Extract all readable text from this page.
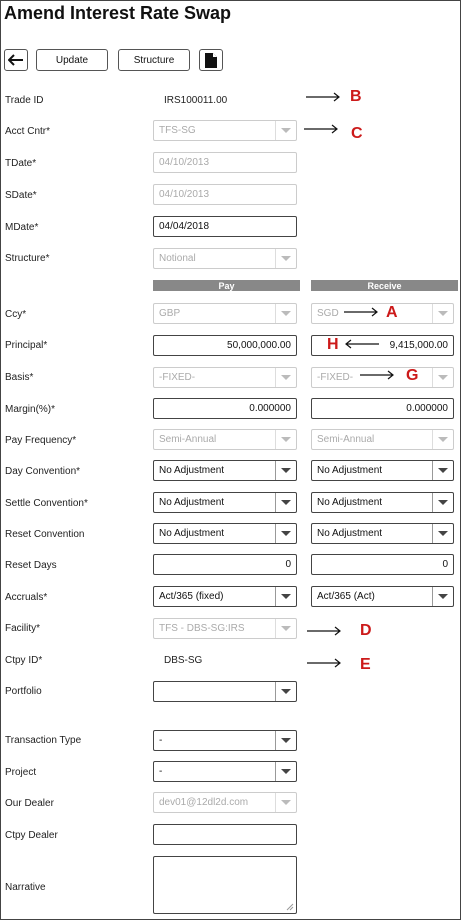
Amend Interest Rate Swap
Update	Structure
Trade ID	IRS100011.00
Acct Cntr*	TFS-SG
TDate*	04/10/2013
SDate*	04/10/2013
MDate*	04/04/2018
Structure*	Notional
Pay	Receive
Ccy*	GBP	SGD
Principal*	50,000,000.00	9,415,000.00
Basis*	-FIXED-	-FIXED-
Margin(%)*	0.000000	0.000000
Pay Frequency*	Semi-Annual	Semi-Annual
Day Convention*	No Adjustment	No Adjustment
Settle Convention*	No Adjustment	No Adjustment
Reset Convention	No Adjustment	No Adjustment
Reset Days	0	0
Accruals*	Act/365 (fixed)	Act/365 (Act)
Facility*	TFS - DBS-SG:IRS
Ctpy ID*	DBS-SG
Portfolio
Transaction Type	-
Project	-
Our Dealer	dev01@12dl2d.com
Ctpy Dealer
Narrative
B
C
A
H
G
D
E
